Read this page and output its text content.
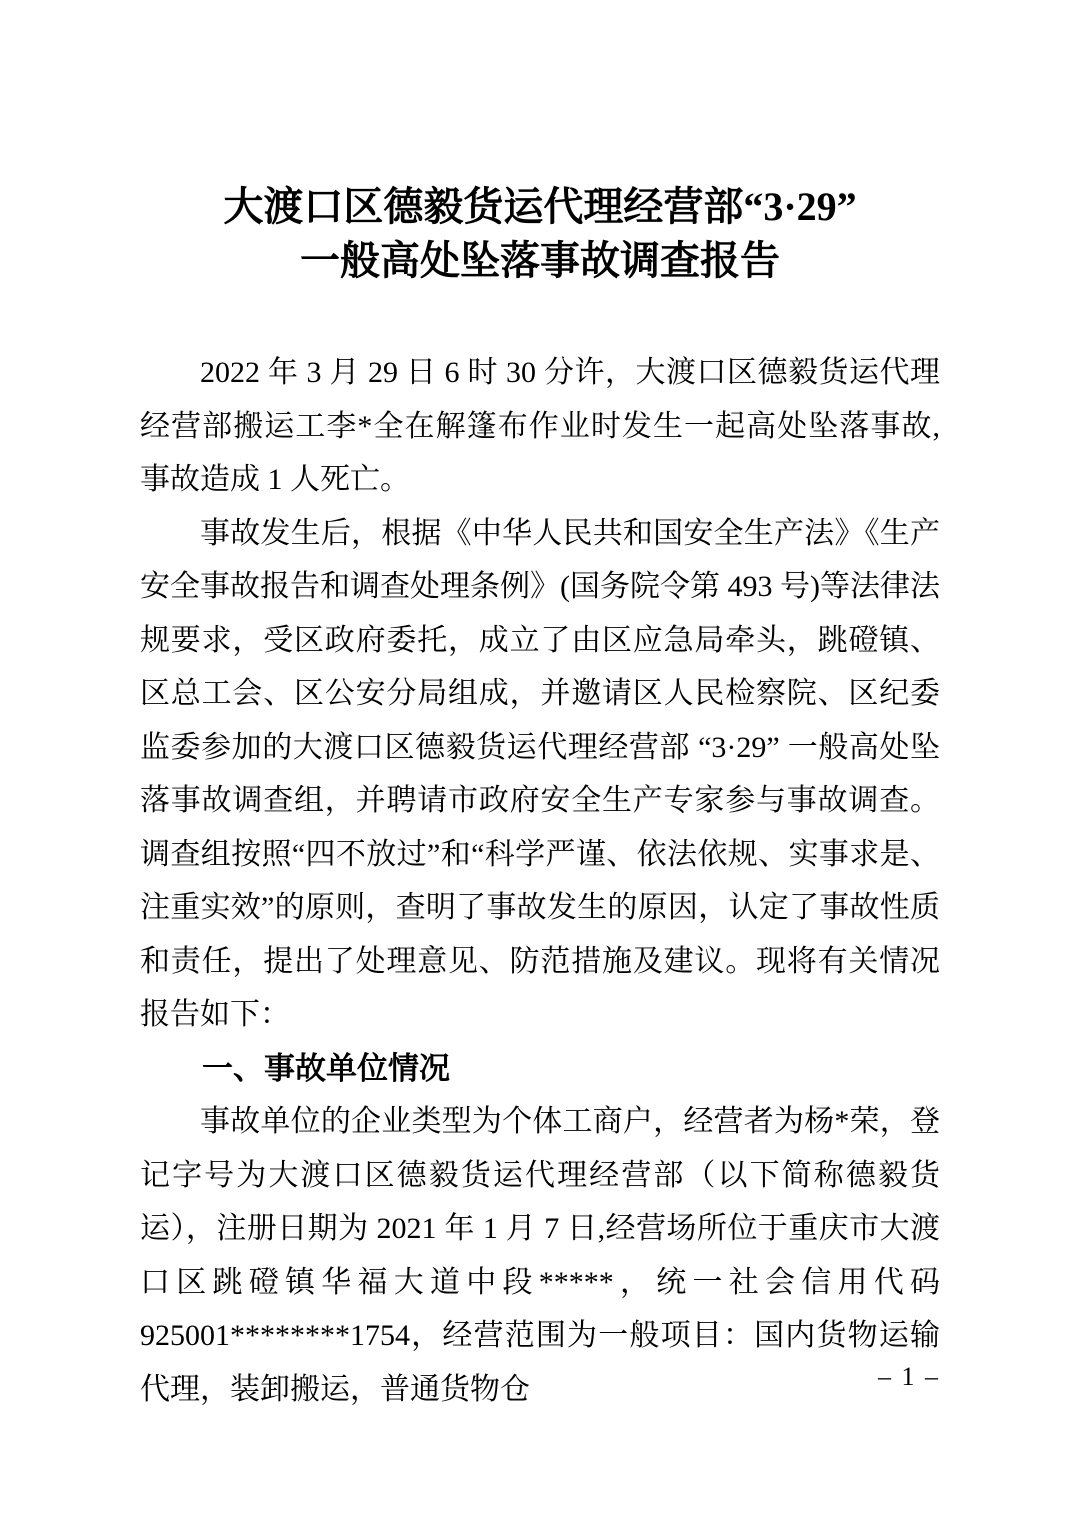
大渡口区德毅货运代理经营部“3·29”
一般高处坠落事故调查报告

2022 年 3 月 29 日 6 时 30 分许，大渡口区德毅货运代理经营部搬运工李*全在解篷布作业时发生一起高处坠落事故,事故造成 1 人死亡。

事故发生后，根据《中华人民共和国安全生产法》《生产安全事故报告和调查处理条例》(国务院令第 493 号)等法律法规要求，受区政府委托，成立了由区应急局牵头，跳磴镇、区总工会、区公安分局组成，并邀请区人民检察院、区纪委监委参加的大渡口区德毅货运代理经营部 “3·29” 一般高处坠落事故调查组，并聘请市政府安全生产专家参与事故调查。调查组按照“四不放过”和“科学严谨、依法依规、实事求是、注重实效”的原则，查明了事故发生的原因，认定了事故性质和责任，提出了处理意见、防范措施及建议。现将有关情况报告如下：

一、事故单位情况

事故单位的企业类型为个体工商户，经营者为杨*荣，登记字号为大渡口区德毅货运代理经营部（以下简称德毅货运），注册日期为 2021 年 1 月 7 日,经营场所位于重庆市大渡口区跳磴镇华福大道中段*****，统一社会信用代码 925001********1754，经营范围为一般项目：国内货物运输代理，装卸搬运，普通货物仓	– 1 –
